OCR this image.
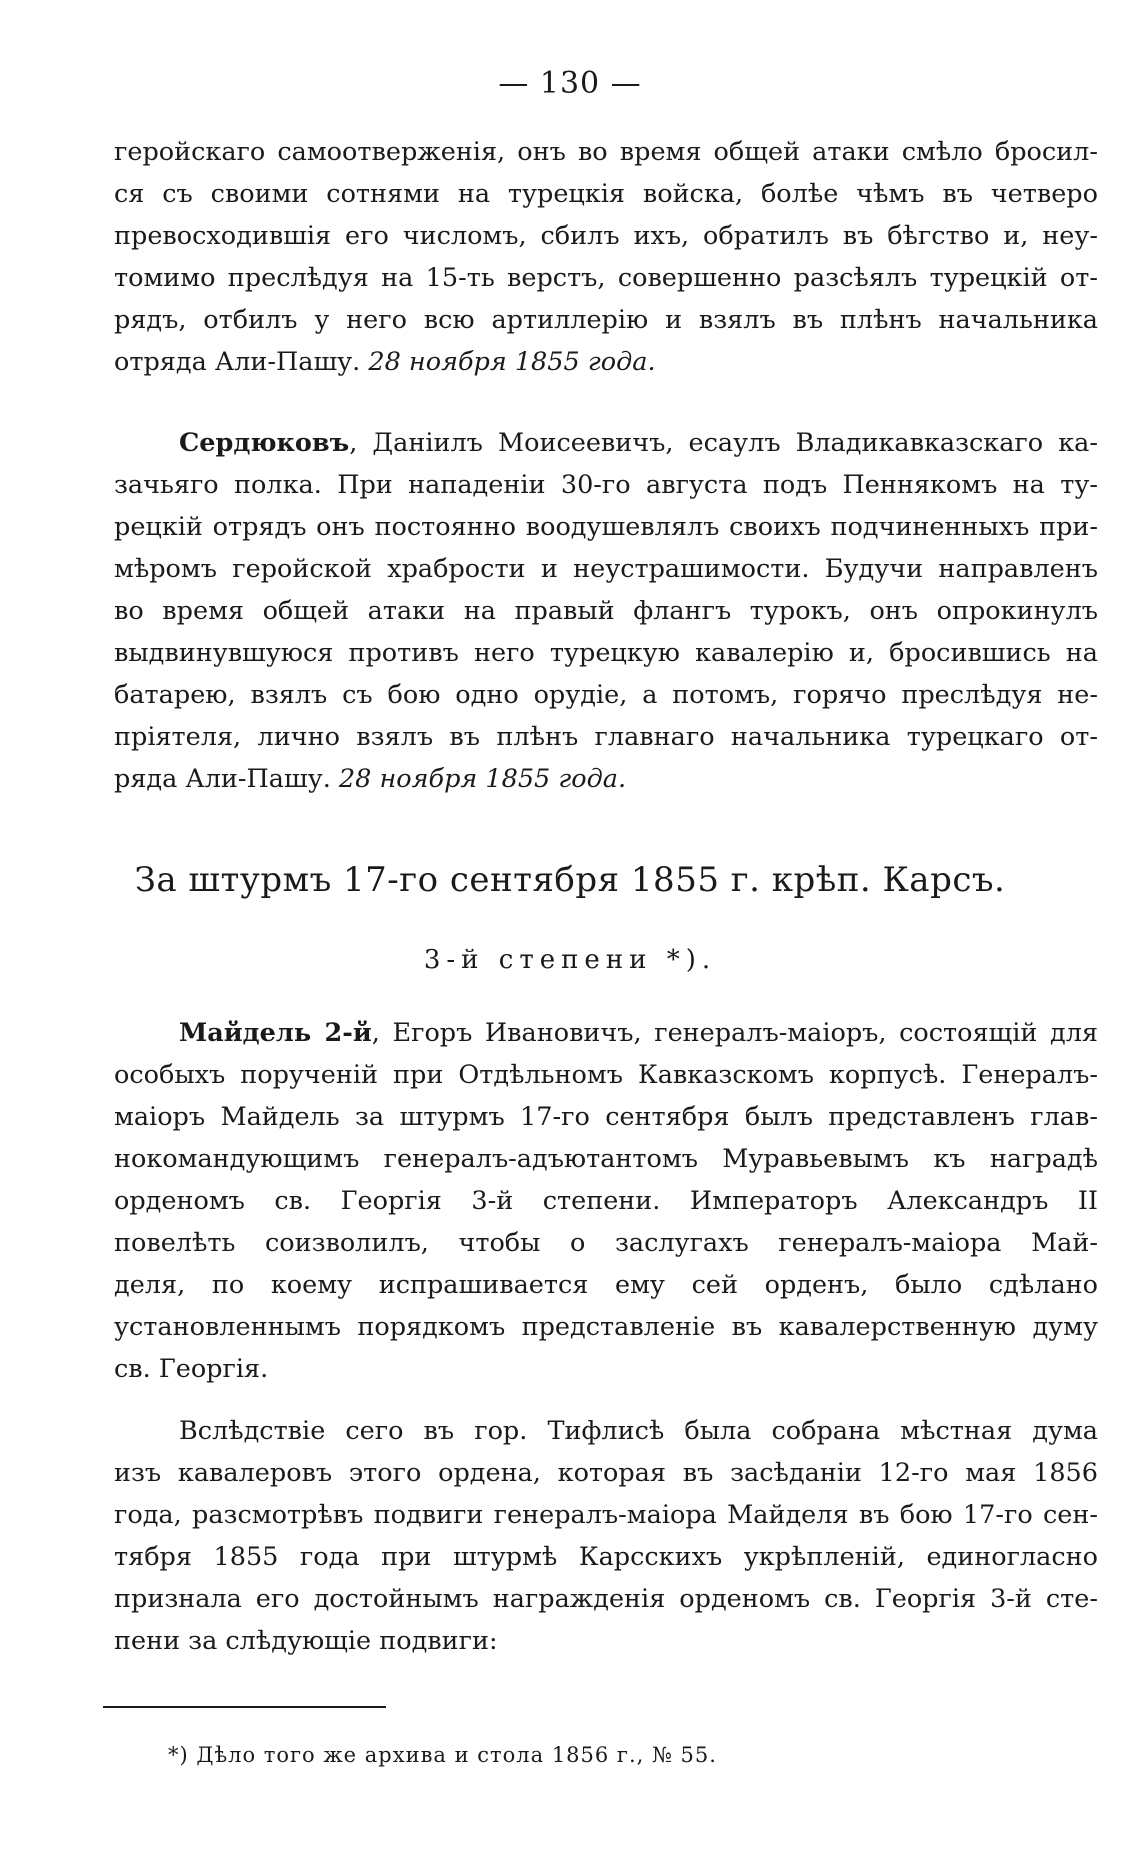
— 130 —
геройскаго самоотверженія, онъ во время общей атаки смѣло бросил-
ся съ своими сотнями на турецкія войска, болѣе чѣмъ въ четверо
превосходившія его числомъ, сбилъ ихъ, обратилъ въ бѣгство и, неу-
томимо преслѣдуя на 15-ть верстъ, совершенно разсѣялъ турецкій от-
рядъ, отбилъ у него всю артиллерію и взялъ въ плѣнъ начальника
отряда Али-Пашу. 28 ноября 1855 года.
Сердюковъ, Даніилъ Моисеевичъ, есаулъ Владикавказскаго ка-
зачьяго полка. При нападеніи 30-го августа подъ Пеннякомъ на ту-
рецкій отрядъ онъ постоянно воодушевлялъ своихъ подчиненныхъ при-
мѣромъ геройской храбрости и неустрашимости. Будучи направленъ
во время общей атаки на правый флангъ турокъ, онъ опрокинулъ
выдвинувшуюся противъ него турецкую кавалерію и, бросившись на
батарею, взялъ съ бою одно орудіе, а потомъ, горячо преслѣдуя не-
пріятеля, лично взялъ въ плѣнъ главнаго начальника турецкаго от-
ряда Али-Пашу. 28 ноября 1855 года.
За штурмъ 17-го сентября 1855 г. крѣп. Карсъ.
3-й степени *).
Майдель 2-й, Егоръ Ивановичъ, генералъ-маіоръ, состоящій для
особыхъ порученій при Отдѣльномъ Кавказскомъ корпусѣ. Генералъ-
маіоръ Майдель за штурмъ 17-го сентября былъ представленъ глав-
нокомандующимъ генералъ-адъютантомъ Муравьевымъ къ наградѣ
орденомъ св. Георгія 3-й степени. Императоръ Александръ II
повелѣть соизволилъ, чтобы о заслугахъ генералъ-маіора Май-
деля, по коему испрашивается ему сей орденъ, было сдѣлано
установленнымъ порядкомъ представленіе въ кавалерственную думу
св. Георгія.
Вслѣдствіе сего въ гор. Тифлисѣ была собрана мѣстная дума
изъ кавалеровъ этого ордена, которая въ засѣданіи 12-го мая 1856
года, разсмотрѣвъ подвиги генералъ-маіора Майделя въ бою 17-го сен-
тября 1855 года при штурмѣ Карсскихъ укрѣпленій, единогласно
признала его достойнымъ награжденія орденомъ св. Георгія 3-й сте-
пени за слѣдующіе подвиги:
*) Дѣло того же архива и стола 1856 г., № 55.
